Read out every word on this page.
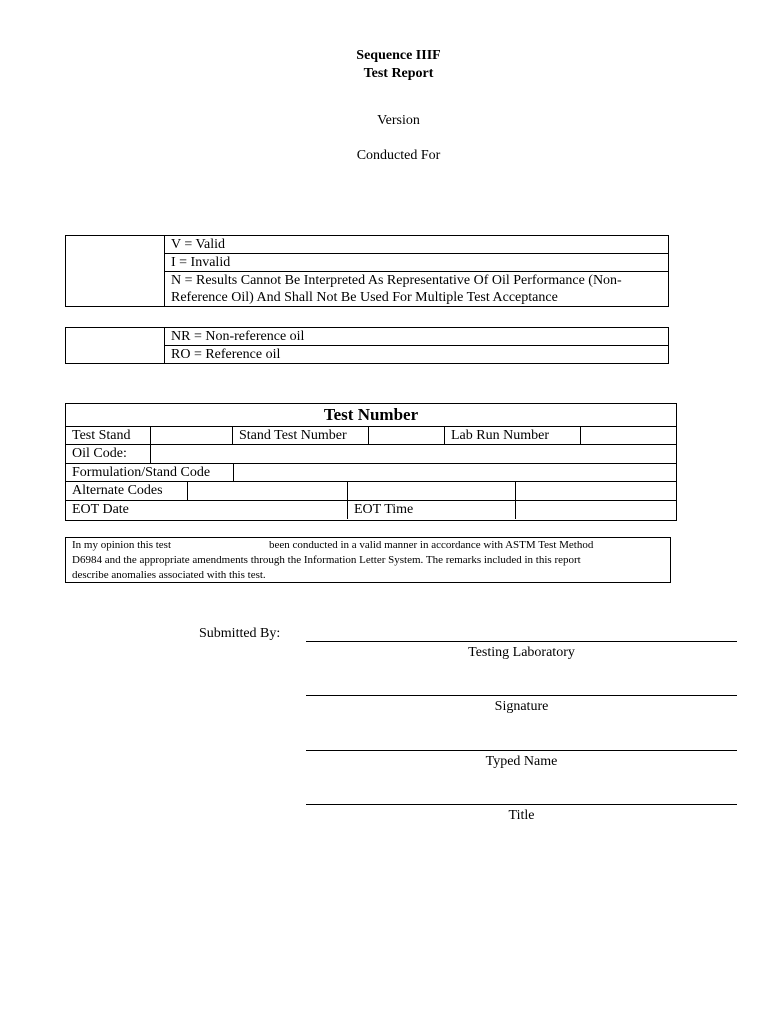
Sequence IIIF
Test Report
Version
Conducted For
	V = Valid
I = Invalid
N = Results Cannot Be Interpreted As Representative Of Oil Performance (Non-
Reference Oil) And Shall Not Be Used For Multiple Test Acceptance
	NR = Non-reference oil
RO = Reference oil
Test Number
Test Stand	Stand Test Number	Lab Run Number
Oil Code:
Formulation/Stand Code
Alternate Codes
EOT Date	EOT Time
In my opinion this test	been conducted in a valid manner in accordance with ASTM Test Method
D6984 and the appropriate amendments through the Information Letter System. The remarks included in this report
describe anomalies associated with this test.
Submitted By:
Testing Laboratory
Signature
Typed Name
Title
